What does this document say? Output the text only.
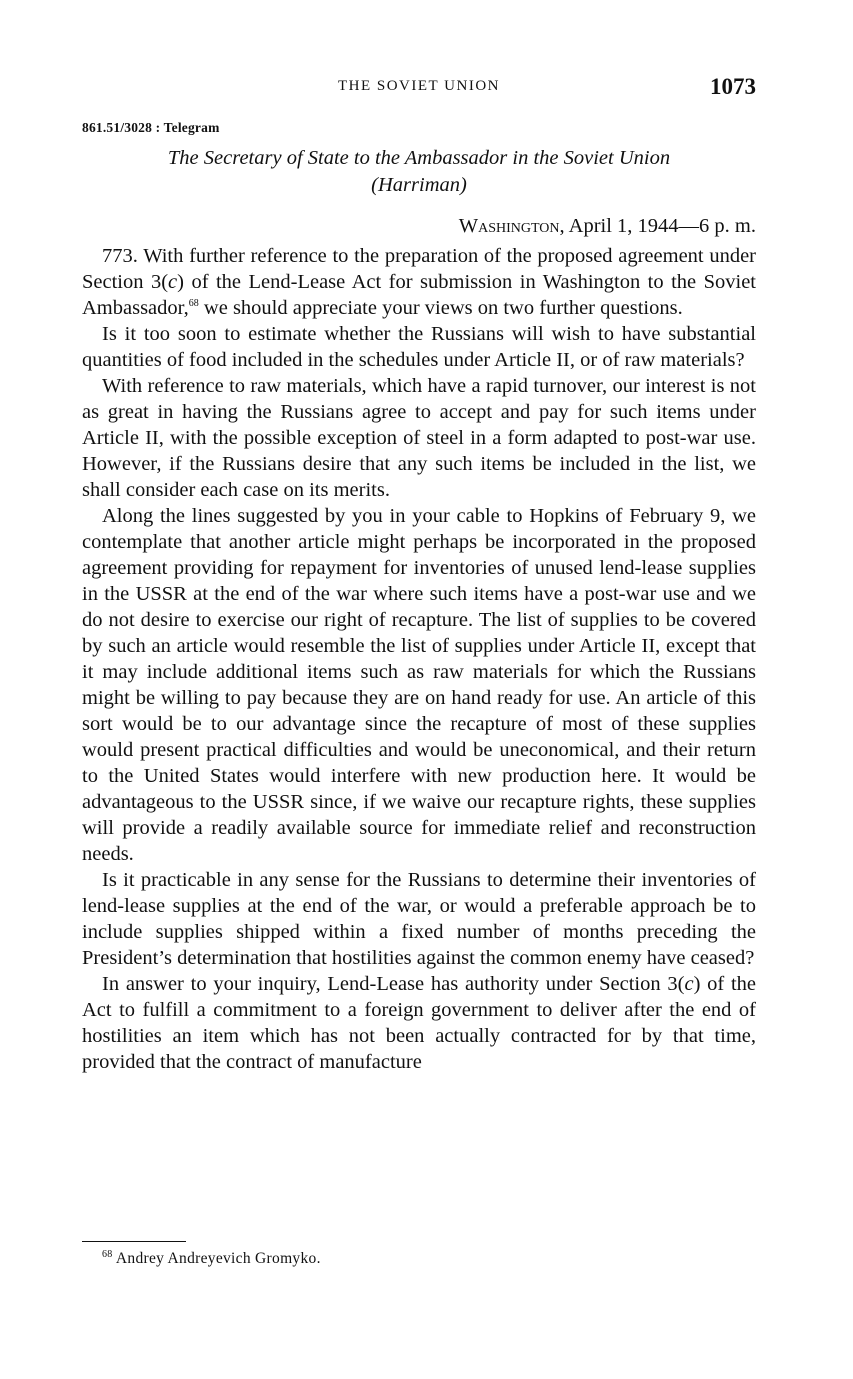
THE SOVIET UNION	1073
861.51/3028 : Telegram
The Secretary of State to the Ambassador in the Soviet Union
(Harriman)
Washington, April 1, 1944—6 p. m.

773. With further reference to the preparation of the proposed agreement under Section 3(c) of the Lend-Lease Act for submission in Washington to the Soviet Ambassador,$^{68}$ we should appreciate your views on two further questions.

Is it too soon to estimate whether the Russians will wish to have substantial quantities of food included in the schedules under Article II, or of raw materials?

With reference to raw materials, which have a rapid turnover, our interest is not as great in having the Russians agree to accept and pay for such items under Article II, with the possible exception of steel in a form adapted to post-war use. However, if the Russians desire that any such items be included in the list, we shall consider each case on its merits.

Along the lines suggested by you in your cable to Hopkins of February 9, we contemplate that another article might perhaps be incorporated in the proposed agreement providing for repayment for inventories of unused lend-lease supplies in the USSR at the end of the war where such items have a post-war use and we do not desire to exercise our right of recapture. The list of supplies to be covered by such an article would resemble the list of supplies under Article II, except that it may include additional items such as raw materials for which the Russians might be willing to pay because they are on hand ready for use. An article of this sort would be to our advantage since the recapture of most of these supplies would present practical difficulties and would be uneconomical, and their return to the United States would interfere with new production here. It would be advantageous to the USSR since, if we waive our recapture rights, these supplies will provide a readily available source for immediate relief and reconstruction needs.

Is it practicable in any sense for the Russians to determine their inventories of lend-lease supplies at the end of the war, or would a preferable approach be to include supplies shipped within a fixed number of months preceding the President’s determination that hostilities against the common enemy have ceased?

In answer to your inquiry, Lend-Lease has authority under Section 3(c) of the Act to fulfill a commitment to a foreign government to deliver after the end of hostilities an item which has not been actually contracted for by that time, provided that the contract of manufacture

$^{68}$ Andrey Andreyevich Gromyko.
